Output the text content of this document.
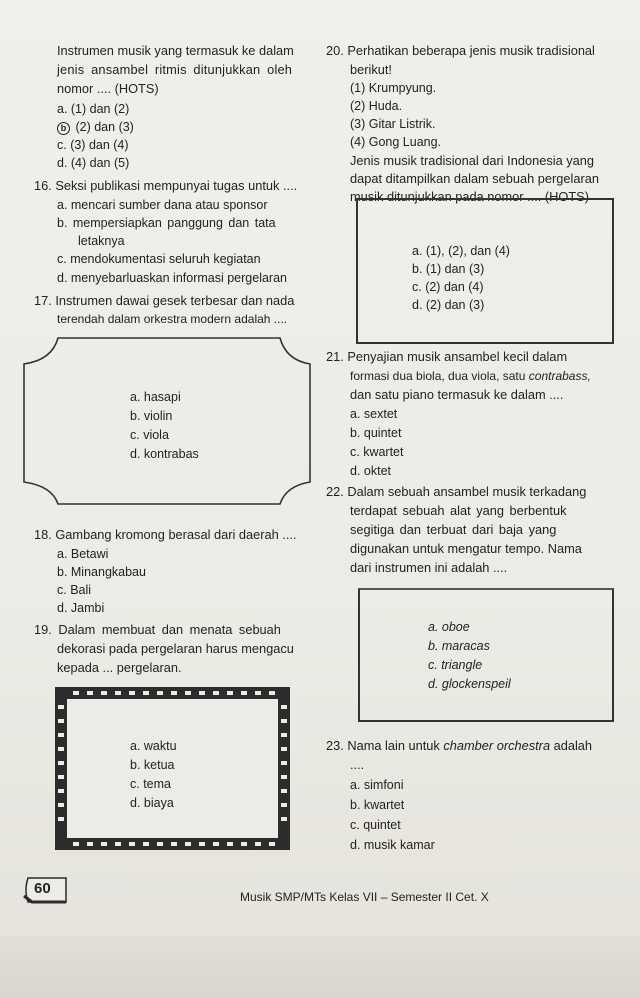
Instrumen musik yang termasuk ke dalam
jenis ansambel ritmis ditunjukkan oleh
nomor .... (HOTS)
a. (1) dan (2)
b (2) dan (3)
c. (3) dan (4)
d. (4) dan (5)
16. Seksi publikasi mempunyai tugas untuk ....
a. mencari sumber dana atau sponsor
b. mempersiapkan panggung dan tata
letaknya
c. mendokumentasi seluruh kegiatan
d. menyebarluaskan informasi pergelaran
17. Instrumen dawai gesek terbesar dan nada
terendah dalam orkestra modern adalah ....
a. hasapi
b. violin
c. viola
d. kontrabas
18. Gambang kromong berasal dari daerah ....
a. Betawi
b. Minangkabau
c. Bali
d. Jambi
19. Dalam membuat dan menata sebuah
dekorasi pada pergelaran harus mengacu
kepada ... pergelaran.
a. waktu
b. ketua
c. tema
d. biaya
20. Perhatikan beberapa jenis musik tradisional
berikut!
(1) Krumpyung.
(2) Huda.
(3) Gitar Listrik.
(4) Gong Luang.
Jenis musik tradisional dari Indonesia yang
dapat ditampilkan dalam sebuah pergelaran
musik ditunjukkan pada nomor .... (HOTS)
a. (1), (2), dan (4)
b. (1) dan (3)
c. (2) dan (4)
d. (2) dan (3)
21. Penyajian musik ansambel kecil dalam
formasi dua biola, dua viola, satu contrabass,
dan satu piano termasuk ke dalam ....
a. sextet
b. quintet
c. kwartet
d. oktet
22. Dalam sebuah ansambel musik terkadang
terdapat sebuah alat yang berbentuk
segitiga dan terbuat dari baja yang
digunakan untuk mengatur tempo. Nama
dari instrumen ini adalah ....
a. oboe
b. maracas
c. triangle
d. glockenspeil
23. Nama lain untuk chamber orchestra adalah
....
a. simfoni
b. kwartet
c. quintet
d. musik kamar
60	Musik SMP/MTs Kelas VII – Semester II Cet. X
